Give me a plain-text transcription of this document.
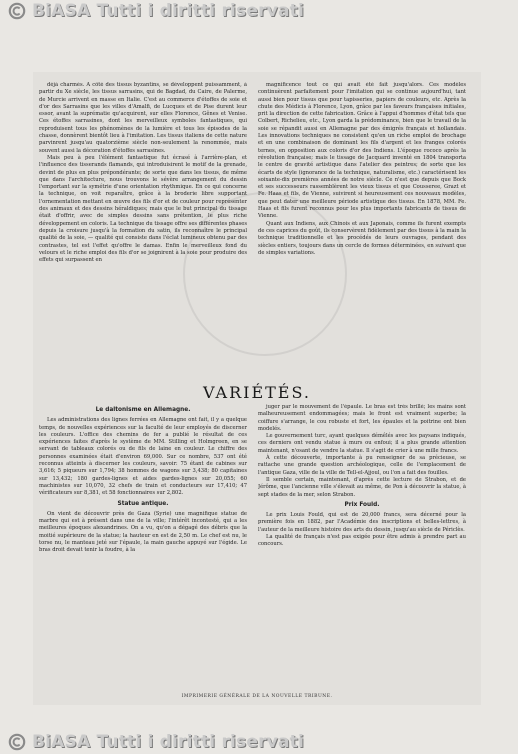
BiASA Tutti i diritti riservati

déjà charmés. À côté des tissus byzantins, se développent puissamment, à partir du Xe siècle, les tissus sarrasins, qui de Bagdad, du Caire, de Palerme, de Murcie arrivent en masse en Italie. C'est au commerce d'étoffes de soie et d'or des Sarrasins que les villes d'Amalfi, de Lucques et de Pise durent leur essor, avant la suprématie qu'acquirent, sur elles Florence, Gênes et Venise. Ces étoffes sarrasines, dont les merveilleux symboles fantastiques, qui reproduisent tous les phénomènes de la lumière et tous les épisodes de la chasse, donnèrent bientôt lieu à l'imitation. Les tissus italiens de cette nature parvinrent jusqu'au quatorzième siècle non-seulement la renommée, mais souvent aussi la décoration d'étoffes sarrasines.

Mais peu à peu l'élément fantastique fut écrasé à l'arrière-plan, et l'influence des tisserands flamands, qui introduisirent le motif de la grenade, devint de plus en plus prépondérante; de sorte que dans les tissus, de même que dans l'architecture, nous trouvons le sévère arrangement du dessin l'emportant sur la symétrie d'une orientation rhythmique. En ce qui concerne la technique, on voit reparaître, grâce à la broderie libre supportant l'ornementation mettant en œuvre des fils d'or et de couleur pour représenter des animaux et des dessins héraldiques; mais que le but principal du tissage était d'offrir, avec de simples dessins sans prétention, le plus riche développement en coloris. La technique du tissage offre ses différentes phases depuis la croisure jusqu'à la formation du satin, ils reconnaître le principal qualité de la soie, — qualité qui consiste dans l'éclat lumineux obtenu par des contrastes, tel est l'effet qu'offre le damas. Enfin le merveilleux fond du velours et le riche emploi des fils d'or se joignirent à la soie pour produire des effets qui surpassent en

magnificence tout ce qui avait été fait jusqu'alors. Ces modèles continuèrent parfaitement pour l'imitation qui se continue aujourd'hui, tant aussi bien pour tissus que pour tapisseries, papiers de couleurs, etc. Après la chute des Médicis à Florence, Lyon, grâce par les faveurs françaises initiales, prit la direction de cette fabrication. Grâce à l'appui d'hommes d'état tels que Colbert, Richelieu, etc., Lyon garda la prédominance, bien que le travail de la soie se répandit aussi en Allemagne par des émigrés français et hollandais. Les innovations techniques ne consistent qu'en un riche emploi de brochage et en une combinaison de dominant les fils d'argent et les franges colorés ternes, en opposition aux coloris d'or des Indiens. L'époque rococo après la révolution française; mais le tissage de Jacquard inventé en 1804 transporta le centre de gravité artistique dans l'atelier des peintres; de sorte que les écarts de style (ignorance de la technique, naturalisme, etc.) caractérisent les soixante-dix premières années de notre siècle. Ce n'est que depuis que Bock et ses successeurs rassemblèrent les vieux tissus et que Cousseree, Grazt et Fe. Haas et fils, de Vienne, suivirent si heureusement ces nouveaux modèles, que peut dater une meilleure période artistique des tissus. En 1878, MM. Fe. Haas et fils furent reconnus pour les plus importants fabricants de tissus de Vienne.

Quant aux Indiens, aux Chinois et aux Japonais, comme ils furent exempts de ces caprices du goût, ils conservèrent fidèlement par des tissus à la main la technique traditionnelle et les procédés de leurs ouvrages, pendant des siècles entiers, toujours dans un cercle de formes déterminées, en suivant que de simples variations.

VARIÉTÉS.
Le daltonisme en Allemagne.

Les administrations des lignes ferrées en Allemagne ont fait, il y a quelque temps, de nouvelles expériences sur la faculté de leur employés de discerner les couleurs. L'office des chemins de fer a publié le résultat de ces expériences faites d'après le système de MM. Stilling et Holmgreen, en se servant de tableaux colorés ou de fils de laine en couleur. Le chiffre des personnes examinées était d'environ 69,000. Sur ce nombre, 537 ont été reconnus atteints à discerner les couleurs, savoir: 75 étant de cabines sur 3,616; 5 piqueurs sur 1,794; 38 hommes de wagons sur 3,438; 80 capitaines sur 13,432; 180 gardes-lignes et aides gardes-lignes sur 20,055; 60 machinistes sur 10,070, 32 chefs de train et conducteurs sur 17,410; 47 vérificateurs sur 8,381, et 58 fonctionnaires sur 2,802.

Statue antique.

On vient de découvrir près de Gaza (Syrie) une magnifique statue de marbre qui est à présent dans une de la ville; l'intérêt incontesté, qui a les meilleures époques alexandrines. On a vu, qu'on a dégagé des débris que la moitié supérieure de la statue; la hauteur en est de 2,50 m. Le chef est nu, le torse nu, le manteau jeté sur l'épaule, la main gauche appuyé sur l'égide. Le bras droit devait tenir la foudre, à la

juger par le mouvement de l'épaule. Le bras est très brillé; les mains sont malheureusement endommagées; mais le front est vraiment superbe; la coiffure s'arrange, le cou robuste et fort, les épaules et la poitrine ont bien modelés.

Le gouvernement turc, ayant quelques démêlés avec les paysans indiqués, ces derniers ont vendu statue à murs ou enfoui; il a plus grande attention maintenant, n'osant de vendre la statue. Il s'agit de crier à une mille francs.

À cette découverte, importante à pu renseigner de sa précieuse, se rattache une grande question archéologique, celle de l'emplacement de l'antique Gaza, ville de la ville de Tell-el-Ajjoul, ou l'on a fait des fouilles.

Il semble certain, maintenant, d'après cette lecture de Strabon, et de Jérôme, que l'ancienne ville s'élevait au même, de Pon à découvrir la statue, à sept stades de la mer, selon Strabon.

Prix Fould.

Le prix Louis Fould, qui est de 20,000 francs, sera décerné pour la première fois en 1882, par l'Académie des inscriptions et belles-lettres, à l'auteur de la meilleure histoire des arts du dessin, jusqu'au siècle de Périclès.

La qualité de français n'est pas exigée pour être admis à prendre part au concours.

IMPRIMERIE GÉNÉRALE DE LA NOUVELLE TRIBUNE.
BiASA Tutti i diritti riservati
